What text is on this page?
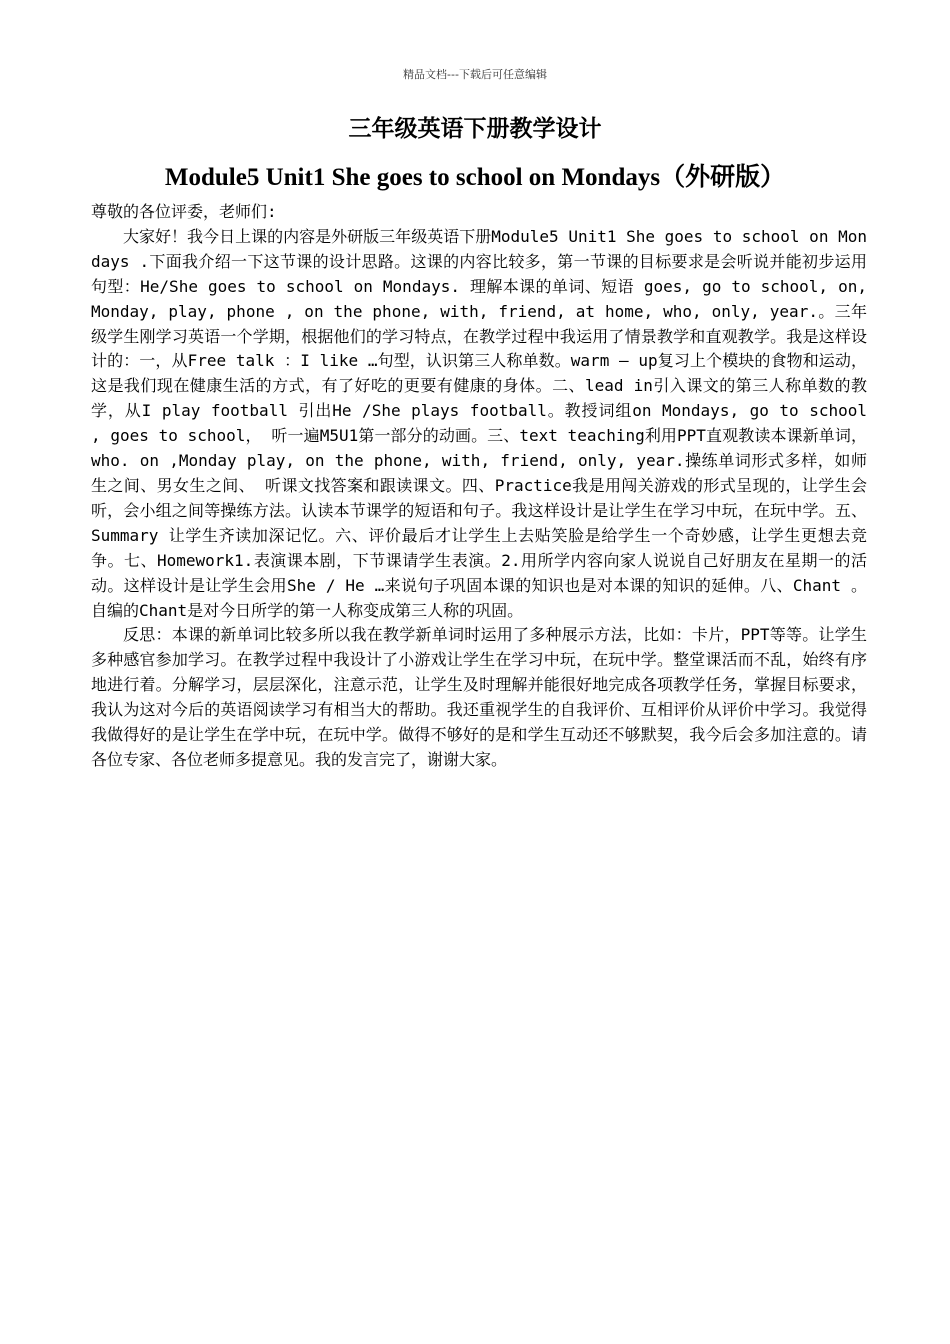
精品文档---下载后可任意编辑
三年级英语下册教学设计
Module5 Unit1 She goes to school on Mondays（外研版）

尊敬的各位评委，老师们:

大家好！我今日上课的内容是外研版三年级英语下册Module5 Unit1 She goes to school on Mondays .下面我介绍一下这节课的设计思路。这课的内容比较多，第一节课的目标要求是会听说并能初步运用句型：He/She goes to school on Mondays. 理解本课的单词、短语 goes, go to school, on, Monday, play, phone , on the phone, with, friend, at home, who, only, year.。三年级学生刚学习英语一个学期，根据他们的学习特点，在教学过程中我运用了情景教学和直观教学。我是这样设计的：一，从Free talk ：I like …句型，认识第三人称单数。warm – up复习上个模块的食物和运动，这是我们现在健康生活的方式，有了好吃的更要有健康的身体。二、lead in引入课文的第三人称单数的教学，从I play football 引出He /She plays football。教授词组on Mondays, go to school , goes to school， 听一遍M5U1第一部分的动画。三、text teaching利用PPT直观教读本课新单词，who. on ,Monday play, on the phone, with, friend, only, year.操练单词形式多样，如师生之间、男女生之间、 听课文找答案和跟读课文。四、Practice我是用闯关游戏的形式呈现的，让学生会听，会小组之间等操练方法。认读本节课学的短语和句子。我这样设计是让学生在学习中玩，在玩中学。五、Summary 让学生齐读加深记忆。六、评价最后才让学生上去贴笑脸是给学生一个奇妙感，让学生更想去竞争。七、Homework1.表演课本剧，下节课请学生表演。2.用所学内容向家人说说自己好朋友在星期一的活动。这样设计是让学生会用She / He …来说句子巩固本课的知识也是对本课的知识的延伸。八、Chant 。自编的Chant是对今日所学的第一人称变成第三人称的巩固。

反思：本课的新单词比较多所以我在教学新单词时运用了多种展示方法，比如：卡片，PPT等等。让学生多种感官参加学习。在教学过程中我设计了小游戏让学生在学习中玩，在玩中学。整堂课活而不乱，始终有序地进行着。分解学习，层层深化，注意示范，让学生及时理解并能很好地完成各项教学任务，掌握目标要求，我认为这对今后的英语阅读学习有相当大的帮助。我还重视学生的自我评价、互相评价从评价中学习。我觉得我做得好的是让学生在学中玩，在玩中学。做得不够好的是和学生互动还不够默契，我今后会多加注意的。请各位专家、各位老师多提意见。我的发言完了，谢谢大家。
